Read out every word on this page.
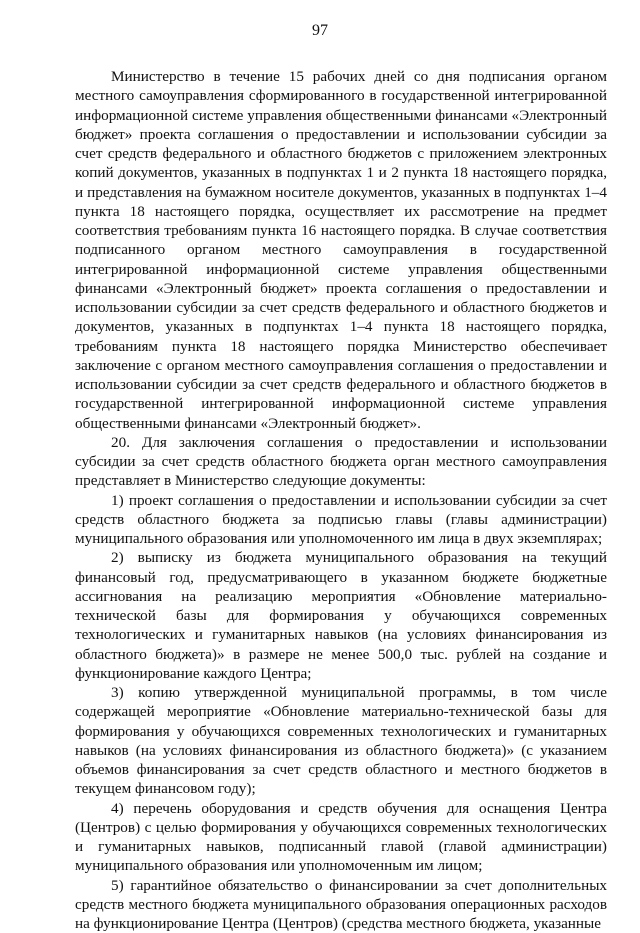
97

Министерство в течение 15 рабочих дней со дня подписания органом местного самоуправления сформированного в государственной интегрированной информационной системе управления общественными финансами «Электронный бюджет» проекта соглашения о предоставлении и использовании субсидии за счет средств федерального и областного бюджетов с приложением электронных копий документов, указанных в подпунктах 1 и 2 пункта 18 настоящего порядка, и представления на бумажном носителе документов, указанных в подпунктах 1–4 пункта 18 настоящего порядка, осуществляет их рассмотрение на предмет соответствия требованиям пункта 16 настоящего порядка. В случае соответствия подписанного органом местного самоуправления в государственной интегрированной информационной системе управления общественными финансами «Электронный бюджет» проекта соглашения о предоставлении и использовании субсидии за счет средств федерального и областного бюджетов и документов, указанных в подпунктах 1–4 пункта 18 настоящего порядка, требованиям пункта 18 настоящего порядка Министерство обеспечивает заключение с органом местного самоуправления соглашения о предоставлении и использовании субсидии за счет средств федерального и областного бюджетов в государственной интегрированной информационной системе управления общественными финансами «Электронный бюджет».

20. Для заключения соглашения о предоставлении и использовании субсидии за счет средств областного бюджета орган местного самоуправления представляет в Министерство следующие документы:

1) проект соглашения о предоставлении и использовании субсидии за счет средств областного бюджета за подписью главы (главы администрации) муниципального образования или уполномоченного им лица в двух экземплярах;

2) выписку из бюджета муниципального образования на текущий финансовый год, предусматривающего в указанном бюджете бюджетные ассигнования на реализацию мероприятия «Обновление материально-технической базы для формирования у обучающихся современных технологических и гуманитарных навыков (на условиях финансирования из областного бюджета)» в размере не менее 500,0 тыс. рублей на создание и функционирование каждого Центра;

3) копию утвержденной муниципальной программы, в том числе содержащей мероприятие «Обновление материально-технической базы для формирования у обучающихся современных технологических и гуманитарных навыков (на условиях финансирования из областного бюджета)» (с указанием объемов финансирования за счет средств областного и местного бюджетов в текущем финансовом году);

4) перечень оборудования и средств обучения для оснащения Центра (Центров) с целью формирования у обучающихся современных технологических и гуманитарных навыков, подписанный главой (главой администрации) муниципального образования или уполномоченным им лицом;

5) гарантийное обязательство о финансировании за счет дополнительных средств местного бюджета муниципального образования операционных расходов на функционирование Центра (Центров) (средства местного бюджета, указанные
